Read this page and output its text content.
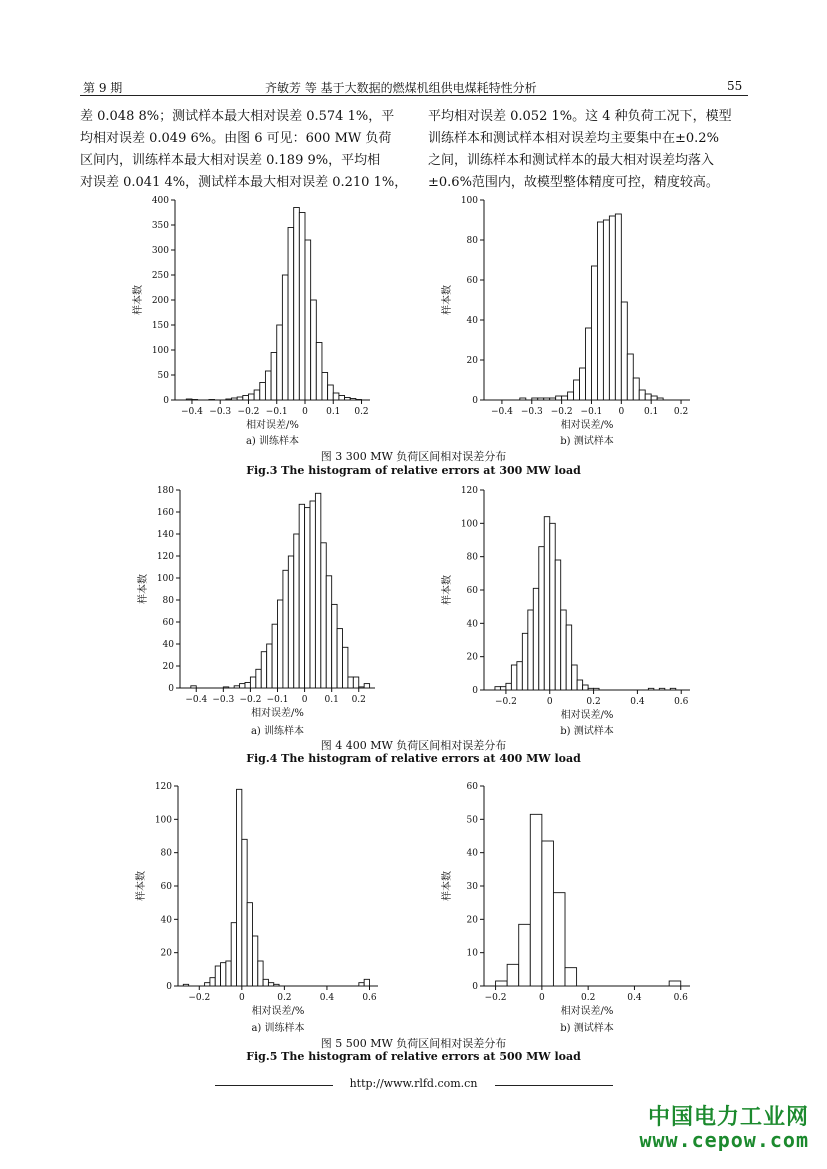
第 9 期	齐敏芳 等 基于大数据的燃煤机组供电煤耗特性分析	55

差 0.048 8%；测试样本最大相对误差 0.574 1%，平

均相对误差 0.049 6%。由图 6 可见：600 MW 负荷

区间内，训练样本最大相对误差 0.189 9%，平均相

对误差 0.041 4%，测试样本最大相对误差 0.210 1%，

平均相对误差 0.052 1%。这 4 种负荷工况下，模型

训练样本和测试样本相对误差均主要集中在±0.2%

之间，训练样本和测试样本的最大相对误差均落入

±0.6%范围内，故模型整体精度可控，精度较高。

0
50
100
150
200
250
300
350
400
−0.4 −0.3 −0.2 −0.1 0 0.1 0.2
相对误差/%
样本数
0
20
40
60
80
100
−0.4 −0.3 −0.2 −0.1 0 0.1 0.2
相对误差/%
样本数
a) 训练样本	b) 测试样本
图 3 300 MW 负荷区间相对误差分布
Fig.3 The histogram of relative errors at 300 MW load
0
20
40
60
80
100
120
140
160
180
−0.4 −0.3 −0.2 −0.1 0 0.1 0.2
相对误差/%
样本数
0
20
40
60
80
100
120
−0.2	0	0.2	0.4	0.6
相对误差/%
样本数
a) 训练样本	b) 测试样本
图 4 400 MW 负荷区间相对误差分布
Fig.4 The histogram of relative errors at 400 MW load
0
20
40
60
80
100
120
−0.2	0	0.2	0.4	0.6
相对误差/%
样本数
0
10
20
30
40
50
60
−0.2	0	0.2	0.4	0.6
相对误差/%
样本数
a) 训练样本	b) 测试样本
图 5 500 MW 负荷区间相对误差分布
Fig.5 The histogram of relative errors at 500 MW load
http://www.rlfd.com.cn
中国电力工业网
www.cepow.com
